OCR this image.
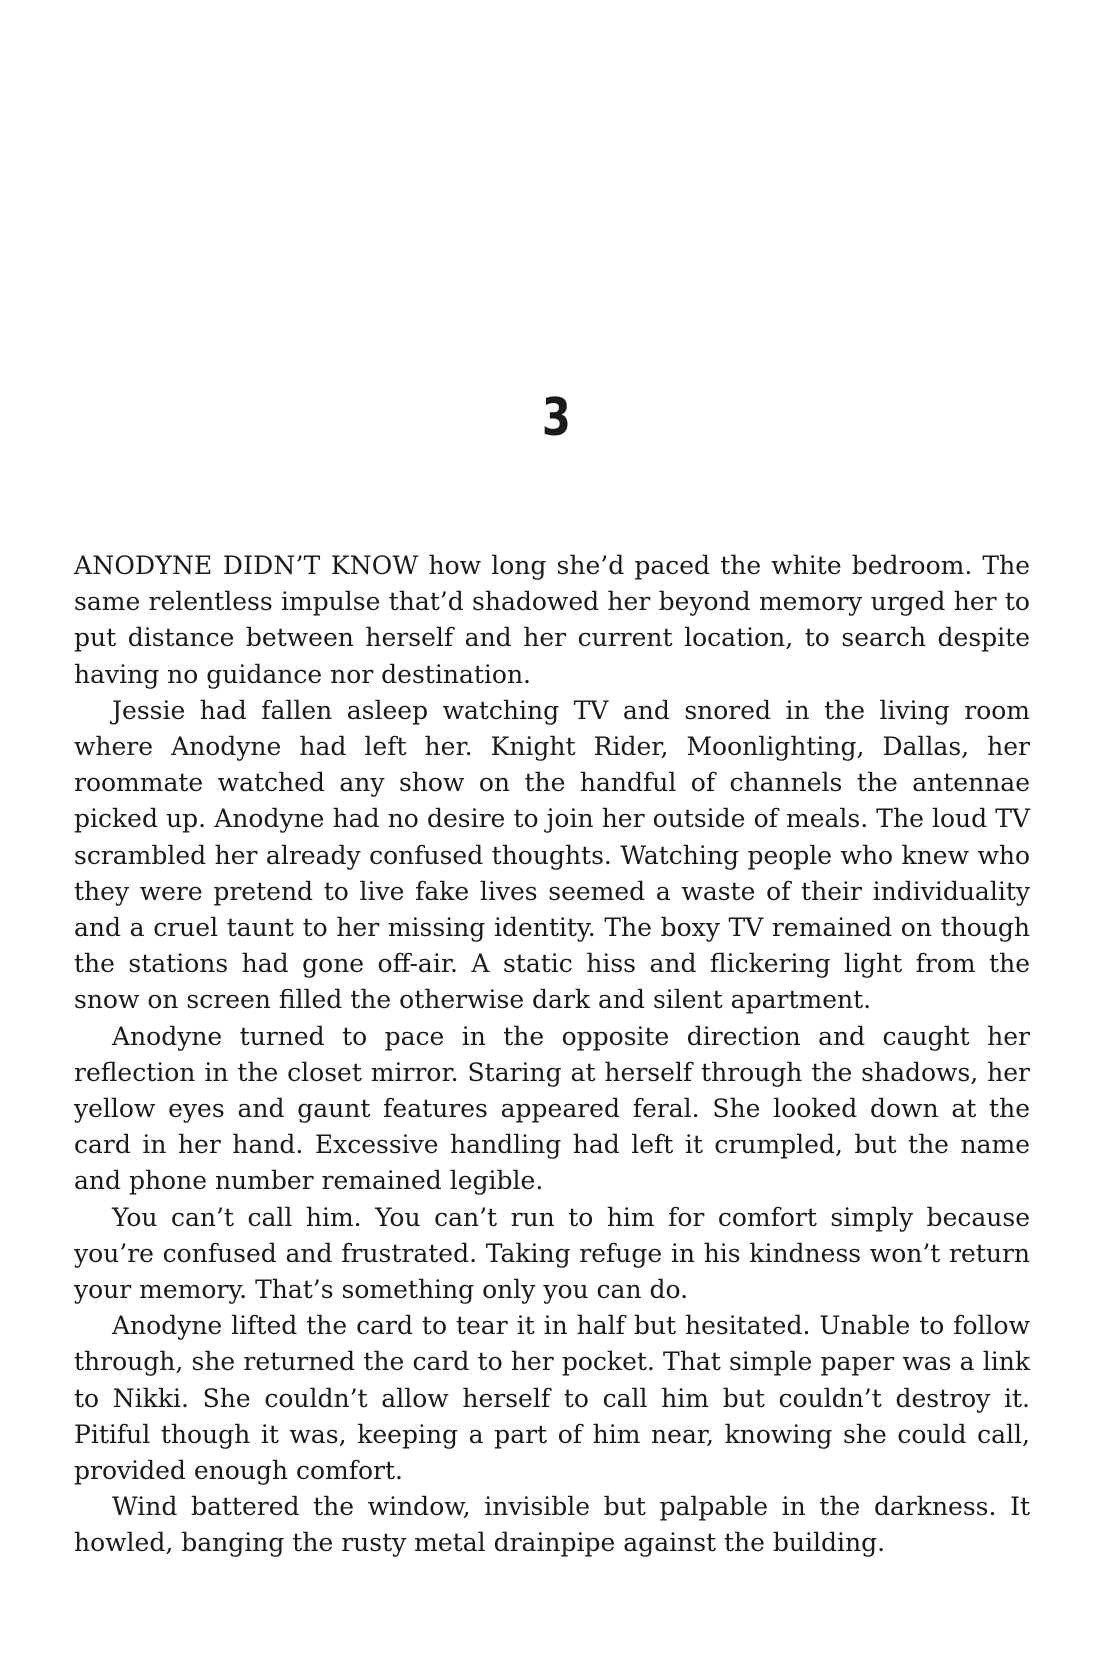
3

ANODYNE DIDN’T KNOW how long she’d paced the white bedroom. The same relentless impulse that’d shadowed her beyond memory urged her to put distance between herself and her current location, to search despite having no guidance nor destination.

Jessie had fallen asleep watching TV and snored in the living room where Anodyne had left her. Knight Rider, Moonlighting, Dallas, her roommate watched any show on the handful of channels the antennae picked up. Anodyne had no desire to join her outside of meals. The loud TV scrambled her already confused thoughts. Watching people who knew who they were pretend to live fake lives seemed a waste of their individuality and a cruel taunt to her missing identity. The boxy TV remained on though the stations had gone off-air. A static hiss and flickering light from the snow on screen filled the otherwise dark and silent apartment.

Anodyne turned to pace in the opposite direction and caught her reflection in the closet mirror. Staring at herself through the shadows, her yellow eyes and gaunt features appeared feral. She looked down at the card in her hand. Excessive handling had left it crumpled, but the name and phone number remained legible.

You can’t call him. You can’t run to him for comfort simply because you’re confused and frustrated. Taking refuge in his kindness won’t return your memory. That’s something only you can do.

Anodyne lifted the card to tear it in half but hesitated. Unable to follow through, she returned the card to her pocket. That simple paper was a link to Nikki. She couldn’t allow herself to call him but couldn’t destroy it. Pitiful though it was, keeping a part of him near, knowing she could call, provided enough comfort.

Wind battered the window, invisible but palpable in the darkness. It howled, banging the rusty metal drainpipe against the building.
